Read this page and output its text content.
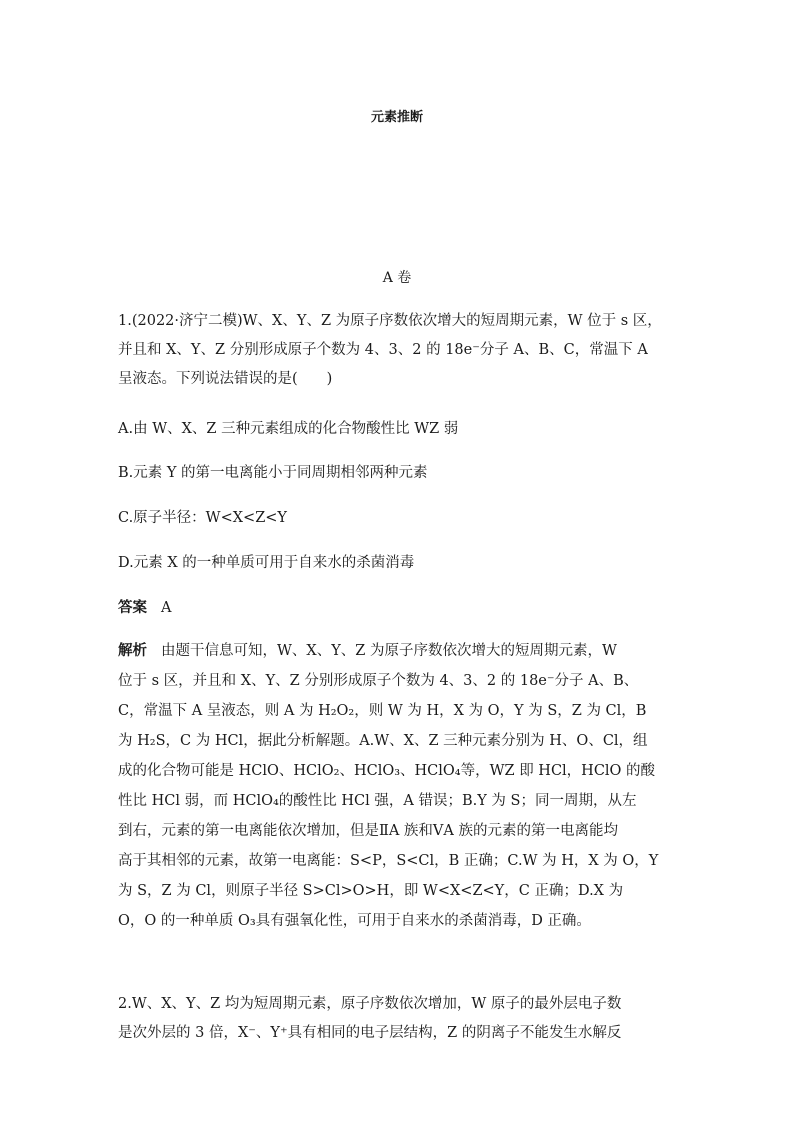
元素推断
A 卷
1.(2022·济宁二模)W、X、Y、Z 为原子序数依次增大的短周期元素，W 位于 s 区，
并且和 X、Y、Z 分别形成原子个数为 4、3、2 的 18e⁻分子 A、B、C，常温下 A
呈液态。下列说法错误的是(　　)
A.由 W、X、Z 三种元素组成的化合物酸性比 WZ 弱
B.元素 Y 的第一电离能小于同周期相邻两种元素
C.原子半径：W<X<Z<Y
D.元素 X 的一种单质可用于自来水的杀菌消毒
答案 A
解析 由题干信息可知，W、X、Y、Z 为原子序数依次增大的短周期元素，W
位于 s 区，并且和 X、Y、Z 分别形成原子个数为 4、3、2 的 18e⁻分子 A、B、
C，常温下 A 呈液态，则 A 为 H₂O₂，则 W 为 H，X 为 O，Y 为 S，Z 为 Cl，B
为 H₂S，C 为 HCl，据此分析解题。A.W、X、Z 三种元素分别为 H、O、Cl，组
成的化合物可能是 HClO、HClO₂、HClO₃、HClO₄等，WZ 即 HCl，HClO 的酸
性比 HCl 弱，而 HClO₄的酸性比 HCl 强，A 错误；B.Y 为 S；同一周期，从左
到右，元素的第一电离能依次增加，但是ⅡA 族和ⅤA 族的元素的第一电离能均
高于其相邻的元素，故第一电离能：S<P，S<Cl，B 正确；C.W 为 H，X 为 O，Y
为 S，Z 为 Cl，则原子半径 S>Cl>O>H，即 W<X<Z<Y，C 正确；D.X 为
O，O 的一种单质 O₃具有强氧化性，可用于自来水的杀菌消毒，D 正确。
2.W、X、Y、Z 均为短周期元素，原子序数依次增加，W 原子的最外层电子数
是次外层的 3 倍，X⁻、Y⁺具有相同的电子层结构，Z 的阴离子不能发生水解反
